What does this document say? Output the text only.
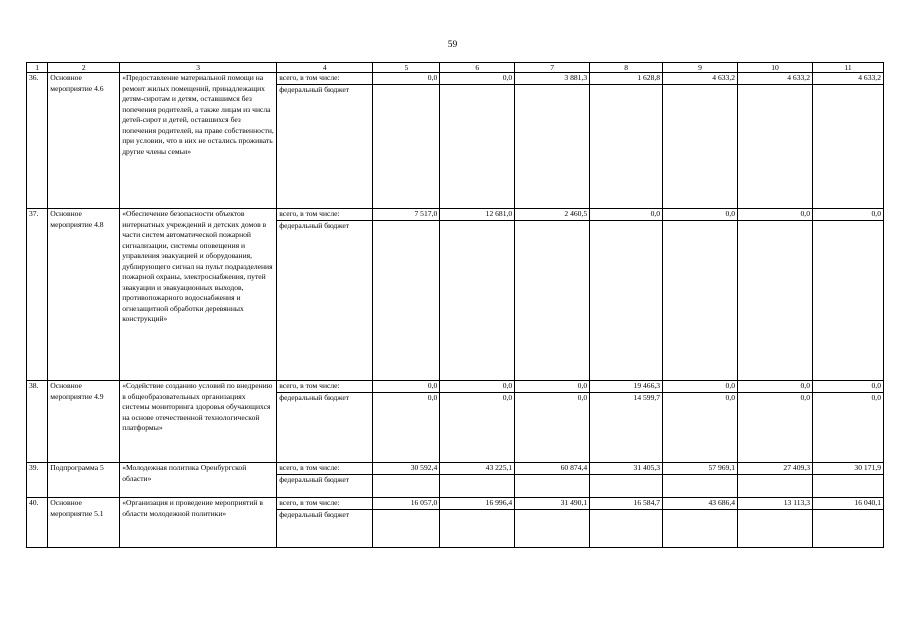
59
1	2	3	4	5	6	7	8	9	10	11
36.	Основное мероприятие 4.6	«Предоставление материальной помощи на ремонт жилых помещений, принадлежащих детям-сиротам и детям, оставшимся без попечения родителей, а также лицам из числа детей-сирот и детей, оставшихся без попечения родителей, на праве собственности, при условии, что в них не остались проживать другие члены семьи»	всего, в том числе:	0,0	0,0	3 881,3	1 628,8	4 633,2	4 633,2	4 633,2
			федеральный бюджет							
37.	Основное мероприятие 4.8	«Обеспечение безопасности объектов интернатных учреждений и детских домов в части систем автоматической пожарной сигнализации, системы оповещения и управления эвакуацией и оборудования, дублирующего сигнал на пульт подразделения пожарной охраны, электроснабжения, путей эвакуации и эвакуационных выходов, противопожарного водоснабжения и огнезащитной обработки деревянных конструкций»	всего, в том числе:	7 517,0	12 681,0	2 460,5	0,0	0,0	0,0	0,0
			федеральный бюджет							
38.	Основное мероприятие 4.9	«Содействие созданию условий по внедрению в общеобразовательных организациях системы мониторинга здоровья обучающихся на основе отечественной технологической платформы»	всего, в том числе:	0,0	0,0	0,0	19 466,3	0,0	0,0	0,0
			федеральный бюджет	0,0	0,0	0,0	14 599,7	0,0	0,0	0,0
39.	Подпрограмма 5	«Молодежная политика Оренбургской области»	всего, в том числе:	30 592,4	43 225,1	60 874,4	31 405,3	57 969,1	27 409,3	30 171,9
			федеральный бюджет							
40.	Основное мероприятие 5.1	«Организация и проведение мероприятий в области молодежной политики»	всего, в том числе:	16 057,0	16 996,4	31 490,1	16 584,7	43 686,4	13 113,3	16 040,1
			федеральный бюджет							
